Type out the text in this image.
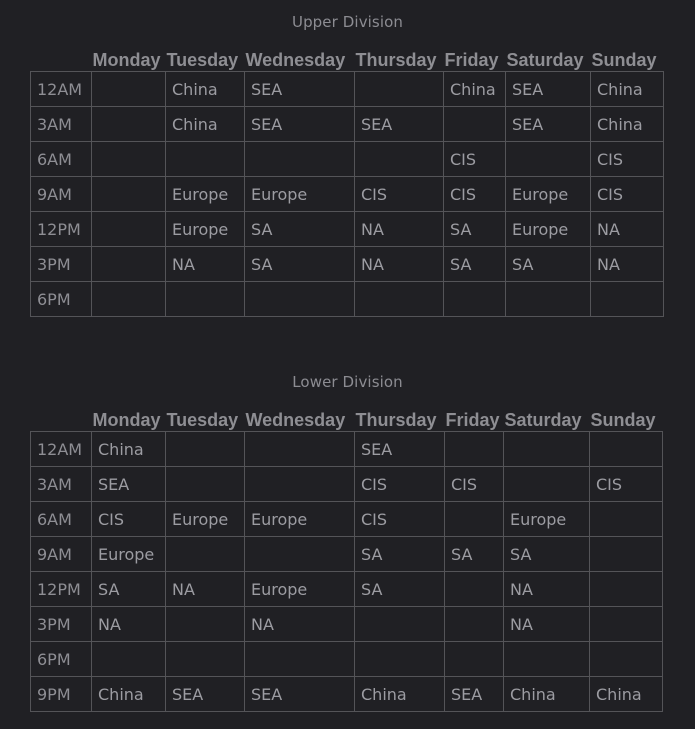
Upper Division
	Monday	Tuesday	Wednesday	Thursday	Friday	Saturday	Sunday
12AM		China	SEA		China	SEA	China
3AM		China	SEA	SEA		SEA	China
6AM					CIS		CIS
9AM		Europe	Europe	CIS	CIS	Europe	CIS
12PM		Europe	SA	NA	SA	Europe	NA
3PM		NA	SA	NA	SA	SA	NA
6PM							
Lower Division
	Monday	Tuesday	Wednesday	Thursday	Friday	Saturday	Sunday
12AM	China			SEA			
3AM	SEA			CIS	CIS		CIS
6AM	CIS	Europe	Europe	CIS		Europe	
9AM	Europe			SA	SA	SA	
12PM	SA	NA	Europe	SA		NA	
3PM	NA		NA			NA	
6PM							
9PM	China	SEA	SEA	China	SEA	China	China
